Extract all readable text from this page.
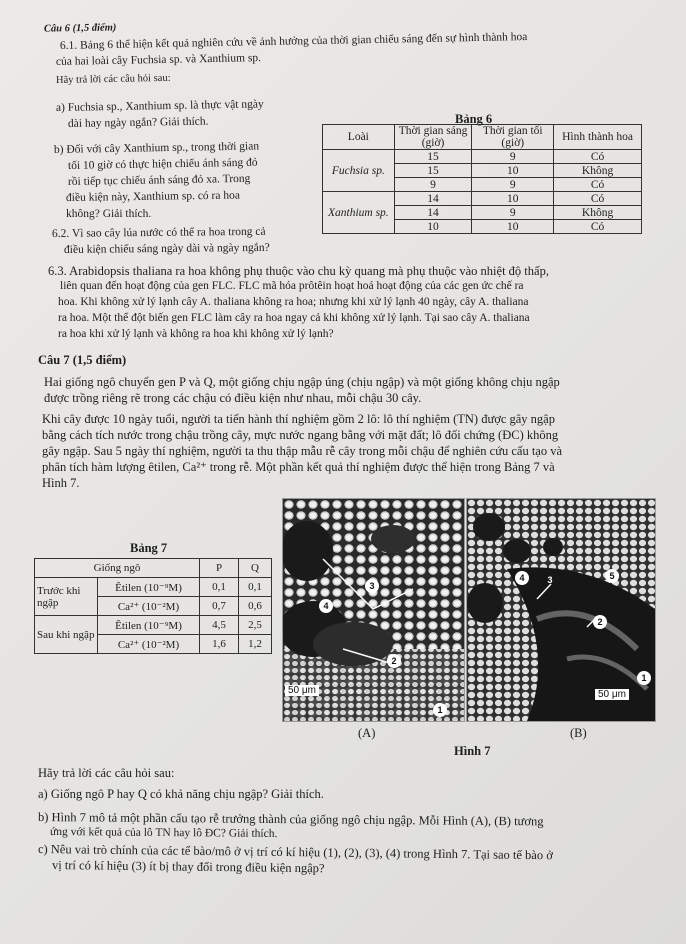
Câu 6 (1,5 điểm)
6.1. Bảng 6 thể hiện kết quả nghiên cứu về ảnh hưởng của thời gian chiếu sáng đến sự hình thành hoa
của hai loài cây Fuchsia sp. và Xanthium sp.
Hãy trả lời các câu hỏi sau:
a) Fuchsia sp., Xanthium sp. là thực vật ngày
dài hay ngày ngắn? Giải thích.
b) Đối với cây Xanthium sp., trong thời gian
tối 10 giờ có thực hiện chiếu ánh sáng đỏ
rồi tiếp tục chiếu ánh sáng đỏ xa. Trong
điều kiện này, Xanthium sp. có ra hoa
không? Giải thích.
6.2. Vì sao cây lúa nước có thể ra hoa trong cả
điều kiện chiếu sáng ngày dài và ngày ngắn?
Bảng 6
Loài	Thời gian sáng (giờ)	Thời gian tối (giờ)	Hình thành hoa
Fuchsia sp.	15	9	Có
	15	10	Không
	9	9	Có
Xanthium sp.	14	10	Có
	14	9	Không
	10	10	Có
6.3. Arabidopsis thaliana ra hoa không phụ thuộc vào chu kỳ quang mà phụ thuộc vào nhiệt độ thấp,
liên quan đến hoạt động của gen FLC. FLC mã hóa prôtêin hoạt hoá hoạt động của các gen ức chế ra
hoa. Khi không xử lý lạnh cây A. thaliana không ra hoa; nhưng khi xử lý lạnh 40 ngày, cây A. thaliana
ra hoa. Một thể đột biến gen FLC làm cây ra hoa ngay cả khi không xử lý lạnh. Tại sao cây A. thaliana
ra hoa khi xử lý lạnh và không ra hoa khi không xử lý lạnh?
Câu 7 (1,5 điểm)
Hai giống ngô chuyển gen P và Q, một giống chịu ngập úng (chịu ngập) và một giống không chịu ngập
được trồng riêng rẽ trong các chậu có điều kiện như nhau, mỗi chậu 30 cây.
Khi cây được 10 ngày tuổi, người ta tiến hành thí nghiệm gồm 2 lô: lô thí nghiệm (TN) được gây ngập
bằng cách tích nước trong chậu trồng cây, mực nước ngang bằng với mặt đất; lô đối chứng (ĐC) không
gây ngập. Sau 5 ngày thí nghiệm, người ta thu thập mẫu rễ cây trong mỗi chậu để nghiên cứu cấu tạo và
phân tích hàm lượng êtilen, Ca²⁺ trong rễ. Một phần kết quả thí nghiệm được thể hiện trong Bảng 7 và
Hình 7.
Bảng 7
Giống ngô		P	Q
Trước khi ngập	Êtilen (10⁻⁹M)	0,1	0,1
	Ca²⁺ (10⁻²M)	0,7	0,6
Sau khi ngập	Êtilen (10⁻⁹M)	4,5	2,5
	Ca²⁺ (10⁻²M)	1,6	1,2
3
4
2
1
50 μm
4	3	5
2
1
50 μm
(A)	(B)
Hình 7
Hãy trả lời các câu hỏi sau:
a) Giống ngô P hay Q có khả năng chịu ngập? Giải thích.
b) Hình 7 mô tả một phần cấu tạo rễ trưởng thành của giống ngô chịu ngập. Mỗi Hình (A), (B) tương
ứng với kết quả của lô TN hay lô ĐC? Giải thích.
c) Nêu vai trò chính của các tế bào/mô ở vị trí có kí hiệu (1), (2), (3), (4) trong Hình 7. Tại sao tế bào ở
vị trí có kí hiệu (3) ít bị thay đổi trong điều kiện ngập?
